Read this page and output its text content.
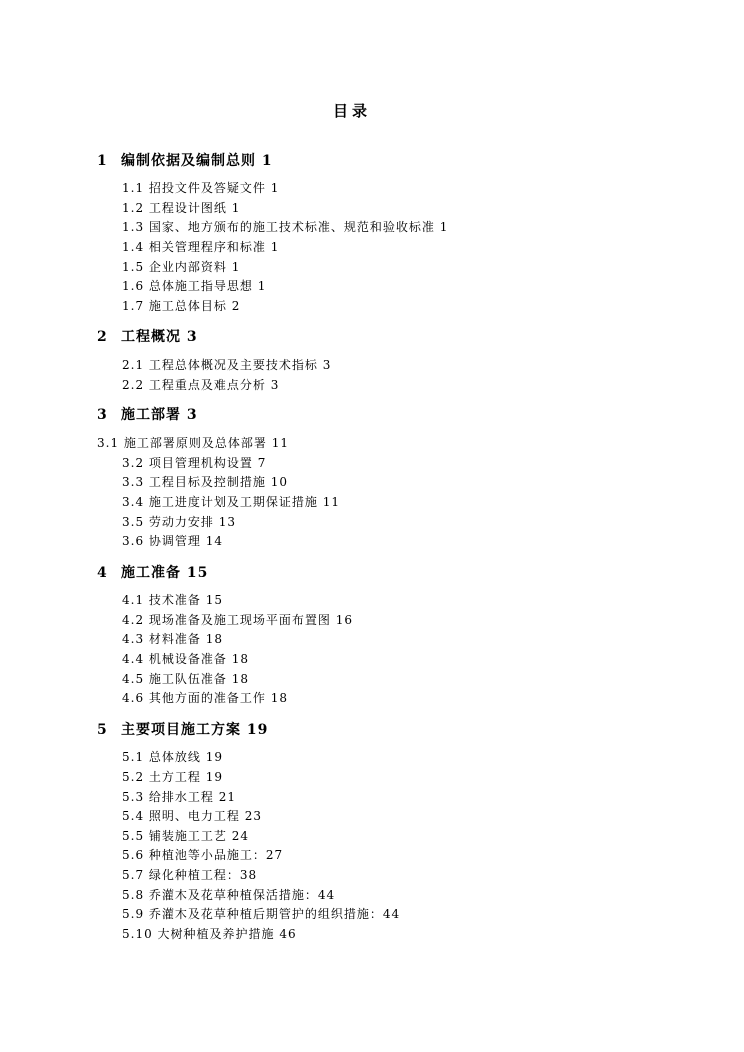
目录
1 编制依据及编制总则 1
1.1 招投文件及答疑文件 1
1.2 工程设计图纸 1
1.3 国家、地方颁布的施工技术标准、规范和验收标准 1
1.4 相关管理程序和标准 1
1.5 企业内部资料 1
1.6 总体施工指导思想 1
1.7 施工总体目标 2
2 工程概况 3
2.1 工程总体概况及主要技术指标 3
2.2 工程重点及难点分析 3
3 施工部署 3
3.1 施工部署原则及总体部署 11
3.2 项目管理机构设置 7
3.3 工程目标及控制措施 10
3.4 施工进度计划及工期保证措施 11
3.5 劳动力安排 13
3.6 协调管理 14
4 施工准备 15
4.1 技术准备 15
4.2 现场准备及施工现场平面布置图 16
4.3 材料准备 18
4.4 机械设备准备 18
4.5 施工队伍准备 18
4.6 其他方面的准备工作 18
5 主要项目施工方案 19
5.1 总体放线 19
5.2 土方工程 19
5.3 给排水工程 21
5.4 照明、电力工程 23
5.5 铺装施工工艺 24
5.6 种植池等小品施工：27
5.7 绿化种植工程：38
5.8 乔灌木及花草种植保活措施：44
5.9 乔灌木及花草种植后期管护的组织措施：44
5.10 大树种植及养护措施 46
